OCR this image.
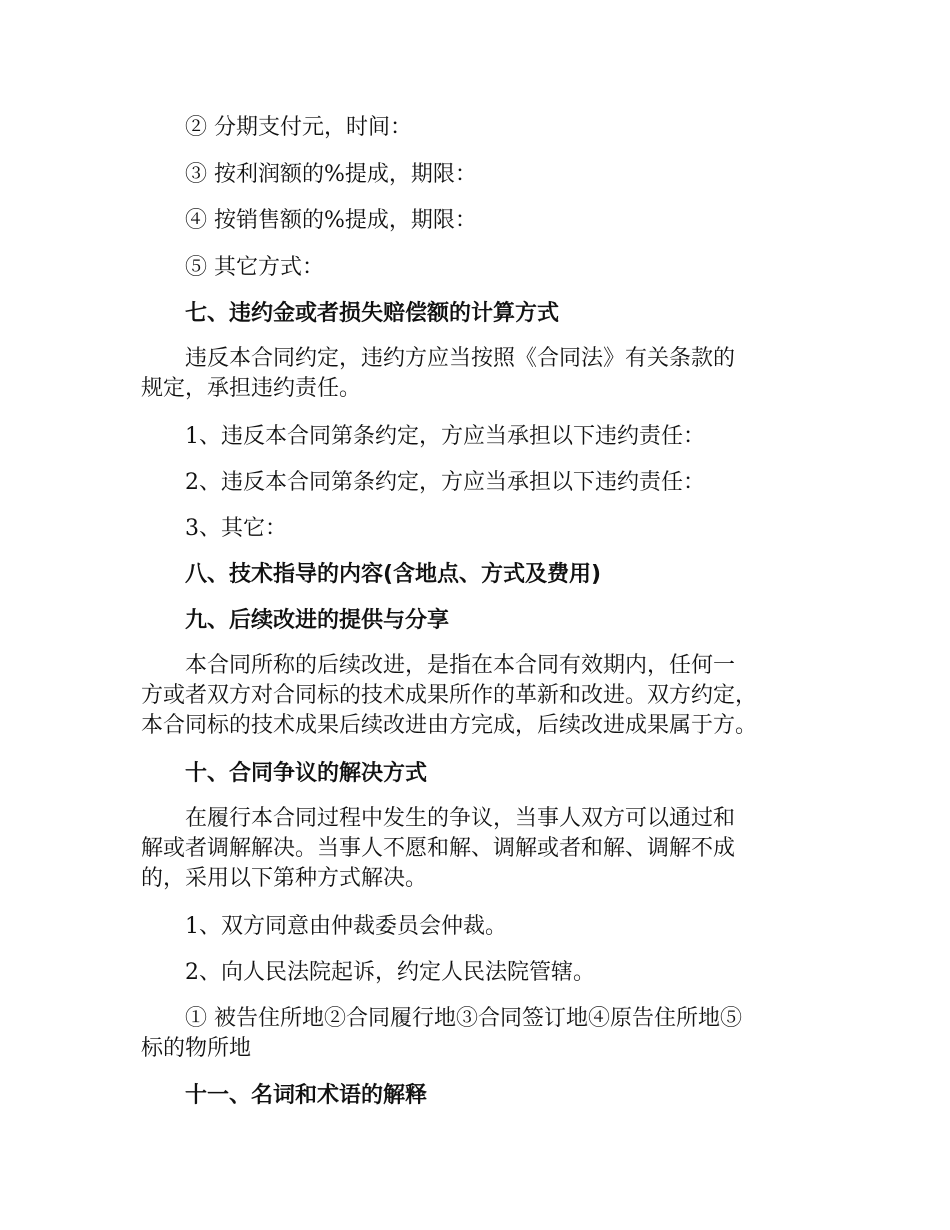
② 分期支付元，时间：

③ 按利润额的%提成，期限：

④ 按销售额的%提成，期限：

⑤ 其它方式：

七、违约金或者损失赔偿额的计算方式

违反本合同约定，违约方应当按照《合同法》有关条款的
规定，承担违约责任。

1、违反本合同第条约定，方应当承担以下违约责任：

2、违反本合同第条约定，方应当承担以下违约责任：

3、其它：

八、技术指导的内容(含地点、方式及费用)

九、后续改进的提供与分享

本合同所称的后续改进，是指在本合同有效期内，任何一
方或者双方对合同标的技术成果所作的革新和改进。双方约定，
本合同标的技术成果后续改进由方完成，后续改进成果属于方。

十、合同争议的解决方式

在履行本合同过程中发生的争议，当事人双方可以通过和
解或者调解解决。当事人不愿和解、调解或者和解、调解不成
的，采用以下第种方式解决。

1、双方同意由仲裁委员会仲裁。

2、向人民法院起诉，约定人民法院管辖。

① 被告住所地②合同履行地③合同签订地④原告住所地⑤
标的物所地

十一、名词和术语的解释
